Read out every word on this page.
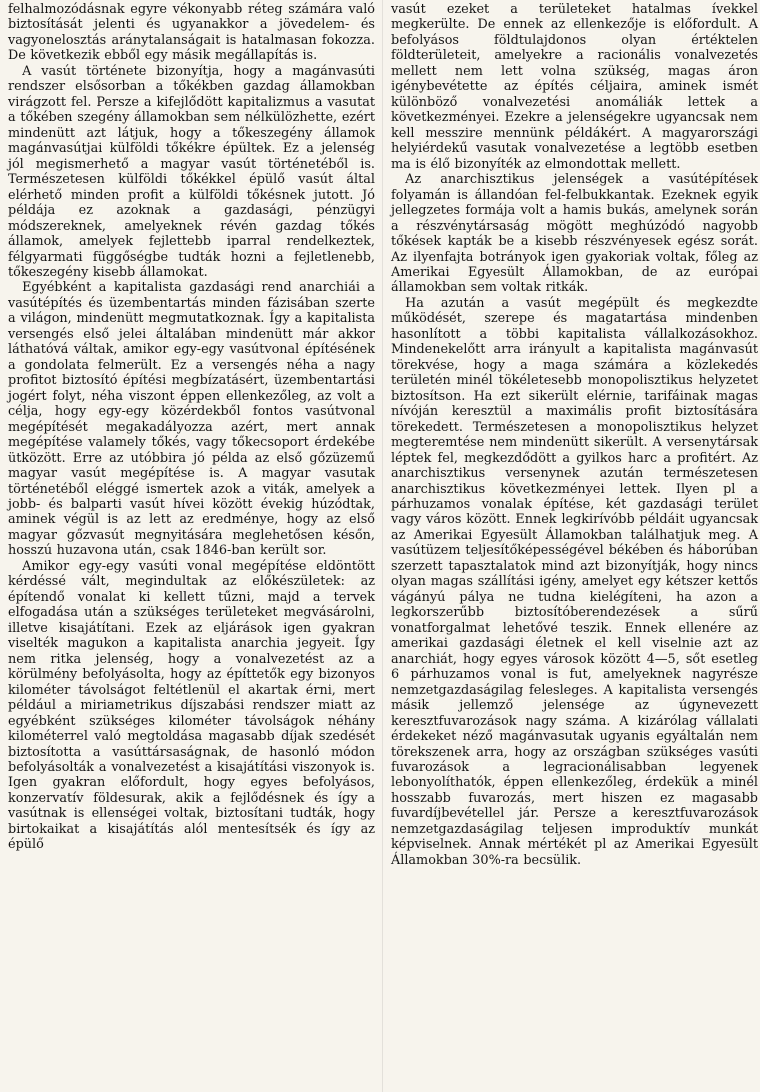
felhalmozódásnak egyre vékonyabb réteg számára való biztosítását jelenti és ugyanakkor a jövedelem- és vagyonelosztás aránytalanságait is hatalmasan fokozza. De következik ebből egy másik megállapítás is.

A vasút története bizonyítja, hogy a magánvasúti rendszer elsősorban a tőkékben gazdag államokban virágzott fel. Persze a kifejlődött kapitalizmus a vasutat a tőkében szegény államokban sem nélkülözhette, ezért mindenütt azt látjuk, hogy a tőkeszegény államok magánvasútjai külföldi tőkékre épültek. Ez a jelenség jól megismerhető a magyar vasút történetéből is. Természetesen külföldi tőkékkel épülő vasút által elérhető minden profit a külföldi tőkésnek jutott. Jó példája ez azoknak a gazdasági, pénzügyi módszereknek, amelyeknek révén gazdag tőkés államok, amelyek fejlettebb iparral rendelkeztek, félgyarmati függőségbe tudták hozni a fejletlenebb, tőkeszegény kisebb államokat.

Egyébként a kapitalista gazdasági rend anarchiái a vasútépítés és üzembentartás minden fázisában szerte a világon, mindenütt megmutatkoznak. Így a kapitalista versengés első jelei általában mindenütt már akkor láthatóvá váltak, amikor egy-egy vasútvonal építésének a gondolata felmerült. Ez a versengés néha a nagy profitot biztosító építési megbízatásért, üzembentartási jogért folyt, néha viszont éppen ellenkezőleg, az volt a célja, hogy egy-egy közérdekből fontos vasútvonal megépítését megakadályozza azért, mert annak megépítése valamely tőkés, vagy tőkecsoport érdekébe ütközött. Erre az utóbbira jó példa az első gőzüzemű magyar vasút megépítése is. A magyar vasutak történetéből eléggé ismertek azok a viták, amelyek a jobb- és balparti vasút hívei között évekig húzódtak, aminek végül is az lett az eredménye, hogy az első magyar gőzvasút megnyitására meglehetősen későn, hosszú huzavona után, csak 1846-ban került sor.

Amikor egy-egy vasúti vonal megépítése eldöntött kérdéssé vált, megindultak az előkészületek: az építendő vonalat ki kellett tűzni, majd a tervek elfogadása után a szükséges területeket megvásárolni, illetve kisajátítani. Ezek az eljárások igen gyakran viselték magukon a kapitalista anarchia jegyeit. Így nem ritka jelenség, hogy a vonalvezetést az a körülmény befolyásolta, hogy az építtetők egy bizonyos kilométer távolságot feltétlenül el akartak érni, mert például a miriametrikus díjszabási rendszer miatt az egyébként szükséges kilométer távolságok néhány kilométerrel való megtoldása magasabb díjak szedését biztosította a vasúttársaságnak, de hasonló módon befolyásolták a vonalvezetést a kisajátítási viszonyok is. Igen gyakran előfordult, hogy egyes befolyásos, konzervatív földesurak, akik a fejlődésnek és így a vasútnak is ellenségei voltak, biztosítani tudták, hogy birtokaikat a kisajátítás alól mentesítsék és így az épülő

vasút ezeket a területeket hatalmas ívekkel megkerülte. De ennek az ellenkezője is előfordult. A befolyásos földtulajdonos olyan értéktelen földterületeit, amelyekre a racionális vonalvezetés mellett nem lett volna szükség, magas áron igénybevétette az építés céljaira, aminek ismét különböző vonalvezetési anomáliák lettek a következményei. Ezekre a jelenségekre ugyancsak nem kell messzire mennünk példákért. A magyarországi helyiérdekű vasutak vonalvezetése a legtöbb esetben ma is élő bizonyíték az elmondottak mellett.

Az anarchisztikus jelenségek a vasútépítések folyamán is állandóan fel-felbukkantak. Ezeknek egyik jellegzetes formája volt a hamis bukás, amelynek során a részvénytársaság mögött meghúzódó nagyobb tőkések kapták be a kisebb részvényesek egész sorát. Az ilyenfajta botrányok igen gyakoriak voltak, főleg az Amerikai Egyesült Államokban, de az európai államokban sem voltak ritkák.

Ha azután a vasút megépült és megkezdte működését, szerepe és magatartása mindenben hasonlított a többi kapitalista vállalkozásokhoz. Mindenekelőtt arra irányult a kapitalista magánvasút törekvése, hogy a maga számára a közlekedés területén minél tökéletesebb monopolisztikus helyzetet biztosítson. Ha ezt sikerült elérnie, tarifáinak magas nívóján keresztül a maximális profit biztosítására törekedett. Természetesen a monopolisztikus helyzet megteremtése nem mindenütt sikerült. A versenytársak léptek fel, megkezdődött a gyilkos harc a profitért. Az anarchisztikus versenynek azután természetesen anarchisztikus következményei lettek. Ilyen pl a párhuzamos vonalak építése, két gazdasági terület vagy város között. Ennek legkirívóbb példáit ugyancsak az Amerikai Egyesült Államokban találhatjuk meg. A vasútüzem teljesítőképességével békében és háborúban szerzett tapasztalatok mind azt bizonyítják, hogy nincs olyan magas szállítási igény, amelyet egy kétszer kettős vágányú pálya ne tudna kielégíteni, ha azon a legkorszerűbb biztosítóberendezések a sűrű vonatforgalmat lehetővé teszik. Ennek ellenére az amerikai gazdasági életnek el kell viselnie azt az anarchiát, hogy egyes városok között 4—5, sőt esetleg 6 párhuzamos vonal is fut, amelyeknek nagyrésze nemzetgazdaságilag felesleges. A kapitalista versengés másik jellemző jelensége az úgynevezett keresztfuvarozások nagy száma. A kizárólag vállalati érdekeket néző magánvasutak ugyanis egyáltalán nem törekszenek arra, hogy az országban szükséges vasúti fuvarozások a legracionálisabban legyenek lebonyolíthatók, éppen ellenkezőleg, érdekük a minél hosszabb fuvarozás, mert hiszen ez magasabb fuvardíjbevétellel jár. Persze a keresztfuvarozások nemzetgazdaságilag teljesen improduktív munkát képviselnek. Annak mértékét pl az Amerikai Egyesült Államokban 30%-ra becsülik.
